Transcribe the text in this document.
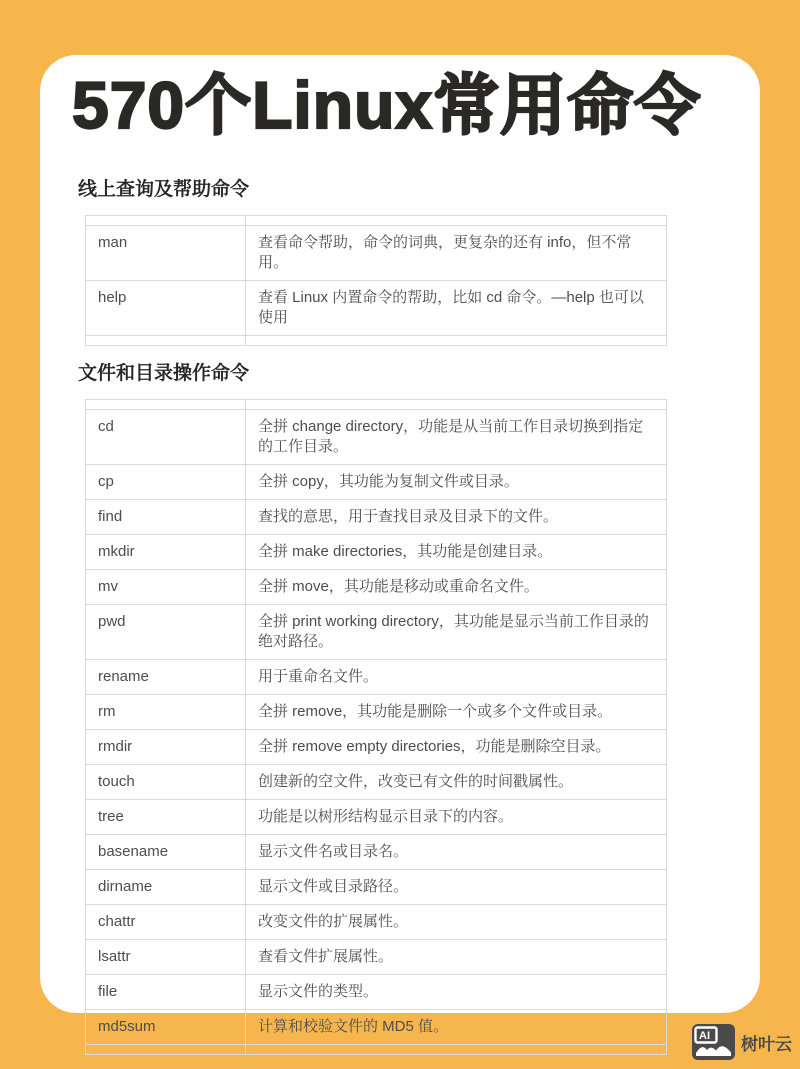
570个Linux常用命令
线上查询及帮助命令
man	查看命令帮助，命令的词典，更复杂的还有 info，但不常用。
help	查看 Linux 内置命令的帮助，比如 cd 命令。—help 也可以使用
文件和目录操作命令
cd	全拼 change directory，功能是从当前工作目录切换到指定的工作目录。
cp	全拼 copy，其功能为复制文件或目录。
find	查找的意思，用于查找目录及目录下的文件。
mkdir	全拼 make directories，其功能是创建目录。
mv	全拼 move，其功能是移动或重命名文件。
pwd	全拼 print working directory，其功能是显示当前工作目录的绝对路径。
rename	用于重命名文件。
rm	全拼 remove，其功能是删除一个或多个文件或目录。
rmdir	全拼 remove empty directories，功能是删除空目录。
touch	创建新的空文件，改变已有文件的时间戳属性。
tree	功能是以树形结构显示目录下的内容。
basename	显示文件名或目录名。
dirname	显示文件或目录路径。
chattr	改变文件的扩展属性。
lsattr	查看文件扩展属性。
file	显示文件的类型。
md5sum	计算和校验文件的 MD5 值。
AI 树叶云
